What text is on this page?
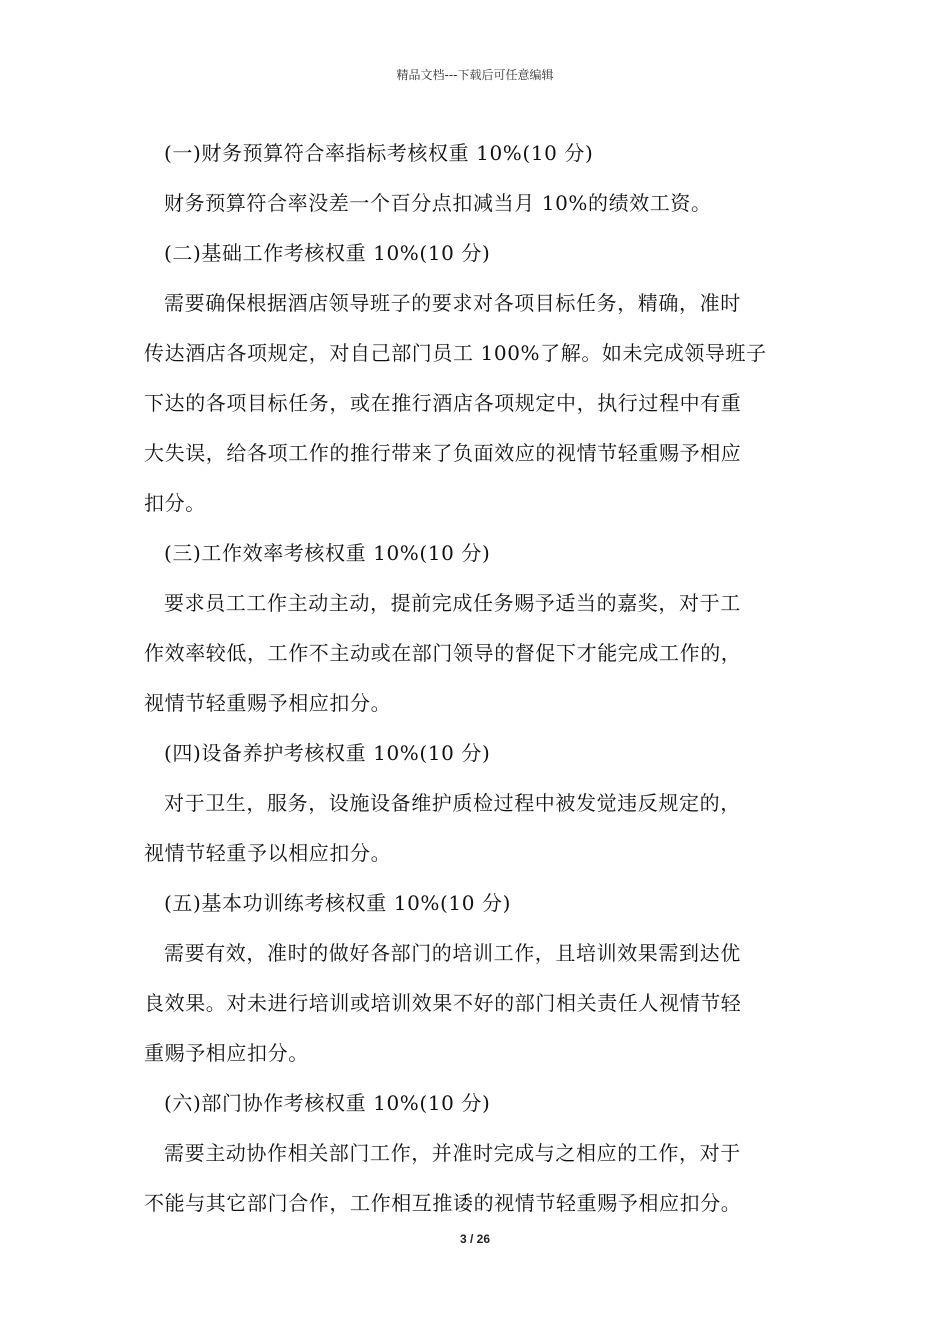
精品文档---下载后可任意编辑
(一)财务预算符合率指标考核权重 10%(10 分)
财务预算符合率没差一个百分点扣减当月 10%的绩效工资。
(二)基础工作考核权重 10%(10 分)
需要确保根据酒店领导班子的要求对各项目标任务，精确，准时
传达酒店各项规定，对自己部门员工 100%了解。如未完成领导班子
下达的各项目标任务，或在推行酒店各项规定中，执行过程中有重
大失误，给各项工作的推行带来了负面效应的视情节轻重赐予相应
扣分。
(三)工作效率考核权重 10%(10 分)
要求员工工作主动主动，提前完成任务赐予适当的嘉奖，对于工
作效率较低，工作不主动或在部门领导的督促下才能完成工作的，
视情节轻重赐予相应扣分。
(四)设备养护考核权重 10%(10 分)
对于卫生，服务，设施设备维护质检过程中被发觉违反规定的，
视情节轻重予以相应扣分。
(五)基本功训练考核权重 10%(10 分)
需要有效，准时的做好各部门的培训工作，且培训效果需到达优
良效果。对未进行培训或培训效果不好的部门相关责任人视情节轻
重赐予相应扣分。
(六)部门协作考核权重 10%(10 分)
需要主动协作相关部门工作，并准时完成与之相应的工作，对于
不能与其它部门合作，工作相互推诿的视情节轻重赐予相应扣分。
3 / 26
